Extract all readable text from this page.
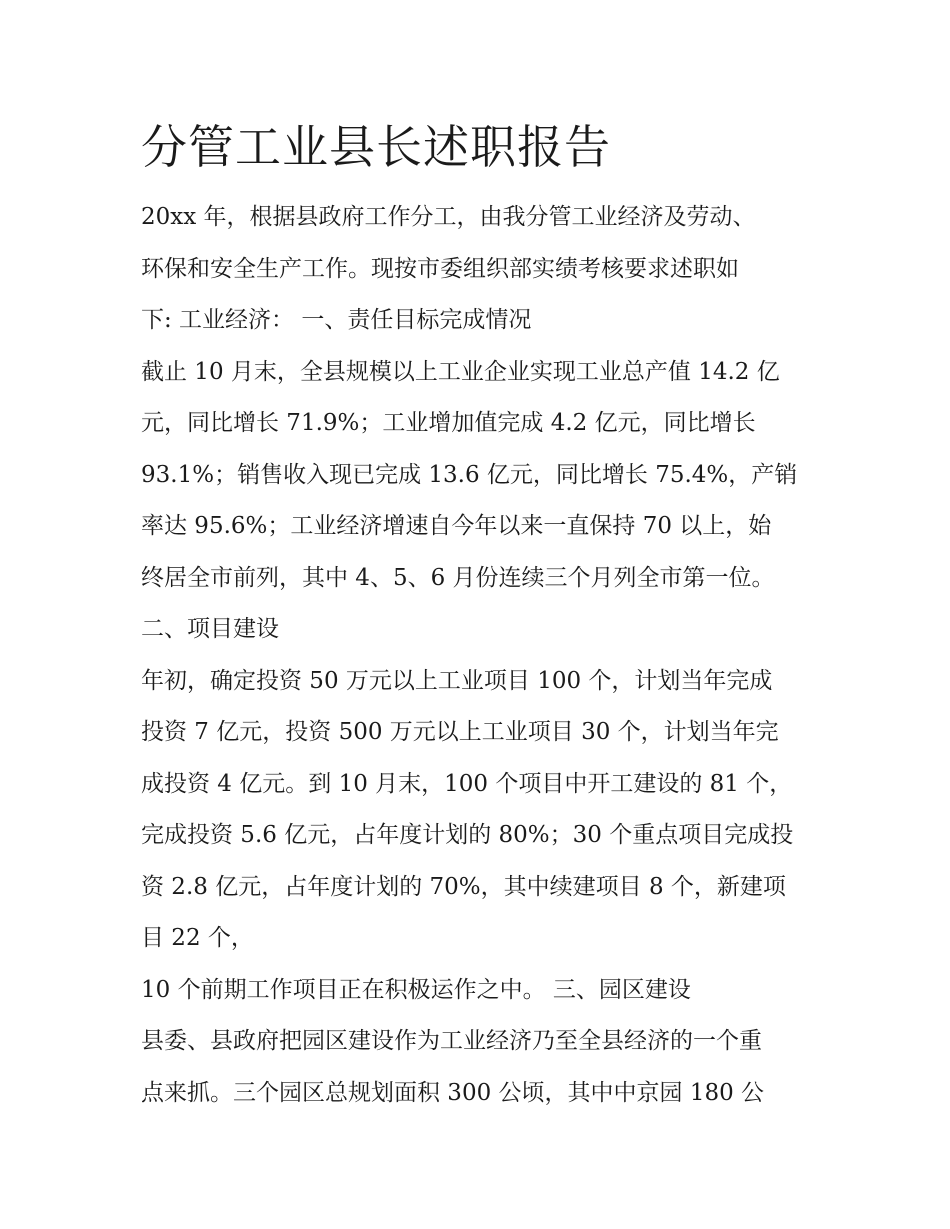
分管工业县长述职报告
20xx 年，根据县政府工作分工，由我分管工业经济及劳动、
环保和安全生产工作。现按市委组织部实绩考核要求述职如
下: 工业经济： 一、责任目标完成情况
截止 10 月末，全县规模以上工业企业实现工业总产值 14.2 亿
元，同比增长 71.9%；工业增加值完成 4.2 亿元，同比增长
93.1%；销售收入现已完成 13.6 亿元，同比增长 75.4%，产销
率达 95.6%；工业经济增速自今年以来一直保持 70 以上，始
终居全市前列，其中 4、5、6 月份连续三个月列全市第一位。
二、项目建设
年初，确定投资 50 万元以上工业项目 100 个，计划当年完成
投资 7 亿元，投资 500 万元以上工业项目 30 个，计划当年完
成投资 4 亿元。到 10 月末，100 个项目中开工建设的 81 个，
完成投资 5.6 亿元，占年度计划的 80%；30 个重点项目完成投
资 2.8 亿元，占年度计划的 70%，其中续建项目 8 个，新建项
目 22 个，
10 个前期工作项目正在积极运作之中。 三、园区建设
县委、县政府把园区建设作为工业经济乃至全县经济的一个重
点来抓。三个园区总规划面积 300 公顷，其中中京园 180 公
